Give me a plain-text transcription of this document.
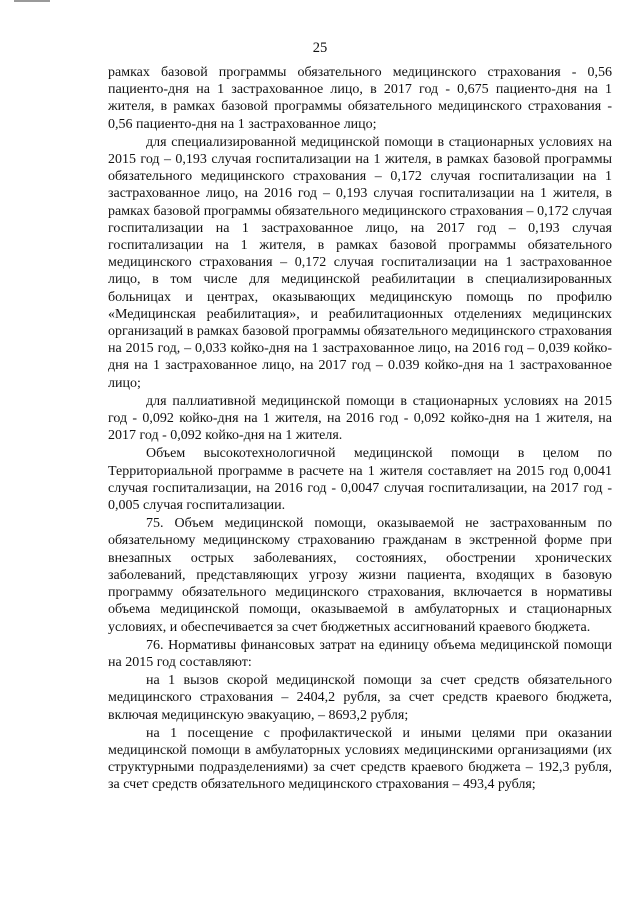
25

рамках базовой программы обязательного медицинского страхования - 0,56 пациенто-дня на 1 застрахованное лицо, в 2017 год - 0,675 пациенто-дня на 1 жителя, в рамках базовой программы обязательного медицинского страхования - 0,56 пациенто-дня на 1 застрахованное лицо;

для специализированной медицинской помощи в стационарных условиях на 2015 год – 0,193 случая госпитализации на 1 жителя, в рамках базовой программы обязательного медицинского страхования – 0,172 случая госпитализации на 1 застрахованное лицо, на 2016 год – 0,193 случая госпитализации на 1 жителя, в рамках базовой программы обязательного медицинского страхования – 0,172 случая госпитализации на 1 застрахованное лицо, на 2017 год – 0,193 случая госпитализации на 1 жителя, в рамках базовой программы обязательного медицинского страхования – 0,172 случая госпитализации на 1 застрахованное лицо, в том числе для медицинской реабилитации в специализированных больницах и центрах, оказывающих медицинскую помощь по профилю «Медицинская реабилитация», и реабилитационных отделениях медицинских организаций в рамках базовой программы обязательного медицинского страхования на 2015 год, – 0,033 койко-дня на 1 застрахованное лицо, на 2016 год – 0,039 койко-дня на 1 застрахованное лицо, на 2017 год – 0.039 койко-дня на 1 застрахованное лицо;

для паллиативной медицинской помощи в стационарных условиях на 2015 год - 0,092 койко-дня на 1 жителя, на 2016 год - 0,092 койко-дня на 1 жителя, на 2017 год - 0,092 койко-дня на 1 жителя.

Объем высокотехнологичной медицинской помощи в целом по Территориальной программе в расчете на 1 жителя составляет на 2015 год 0,0041 случая госпитализации, на 2016 год - 0,0047 случая госпитализации, на 2017 год - 0,005 случая госпитализации.

75. Объем медицинской помощи, оказываемой не застрахованным по обязательному медицинскому страхованию гражданам в экстренной форме при внезапных острых заболеваниях, состояниях, обострении хронических заболеваний, представляющих угрозу жизни пациента, входящих в базовую программу обязательного медицинского страхования, включается в нормативы объема медицинской помощи, оказываемой в амбулаторных и стационарных условиях, и обеспечивается за счет бюджетных ассигнований краевого бюджета.

76. Нормативы финансовых затрат на единицу объема медицинской помощи на 2015 год составляют:

на 1 вызов скорой медицинской помощи за счет средств обязательного медицинского страхования – 2404,2 рубля, за счет средств краевого бюджета, включая медицинскую эвакуацию, – 8693,2 рубля;

на 1 посещение с профилактической и иными целями при оказании медицинской помощи в амбулаторных условиях медицинскими организациями (их структурными подразделениями) за счет средств краевого бюджета – 192,3 рубля, за счет средств обязательного медицинского страхования – 493,4 рубля;
